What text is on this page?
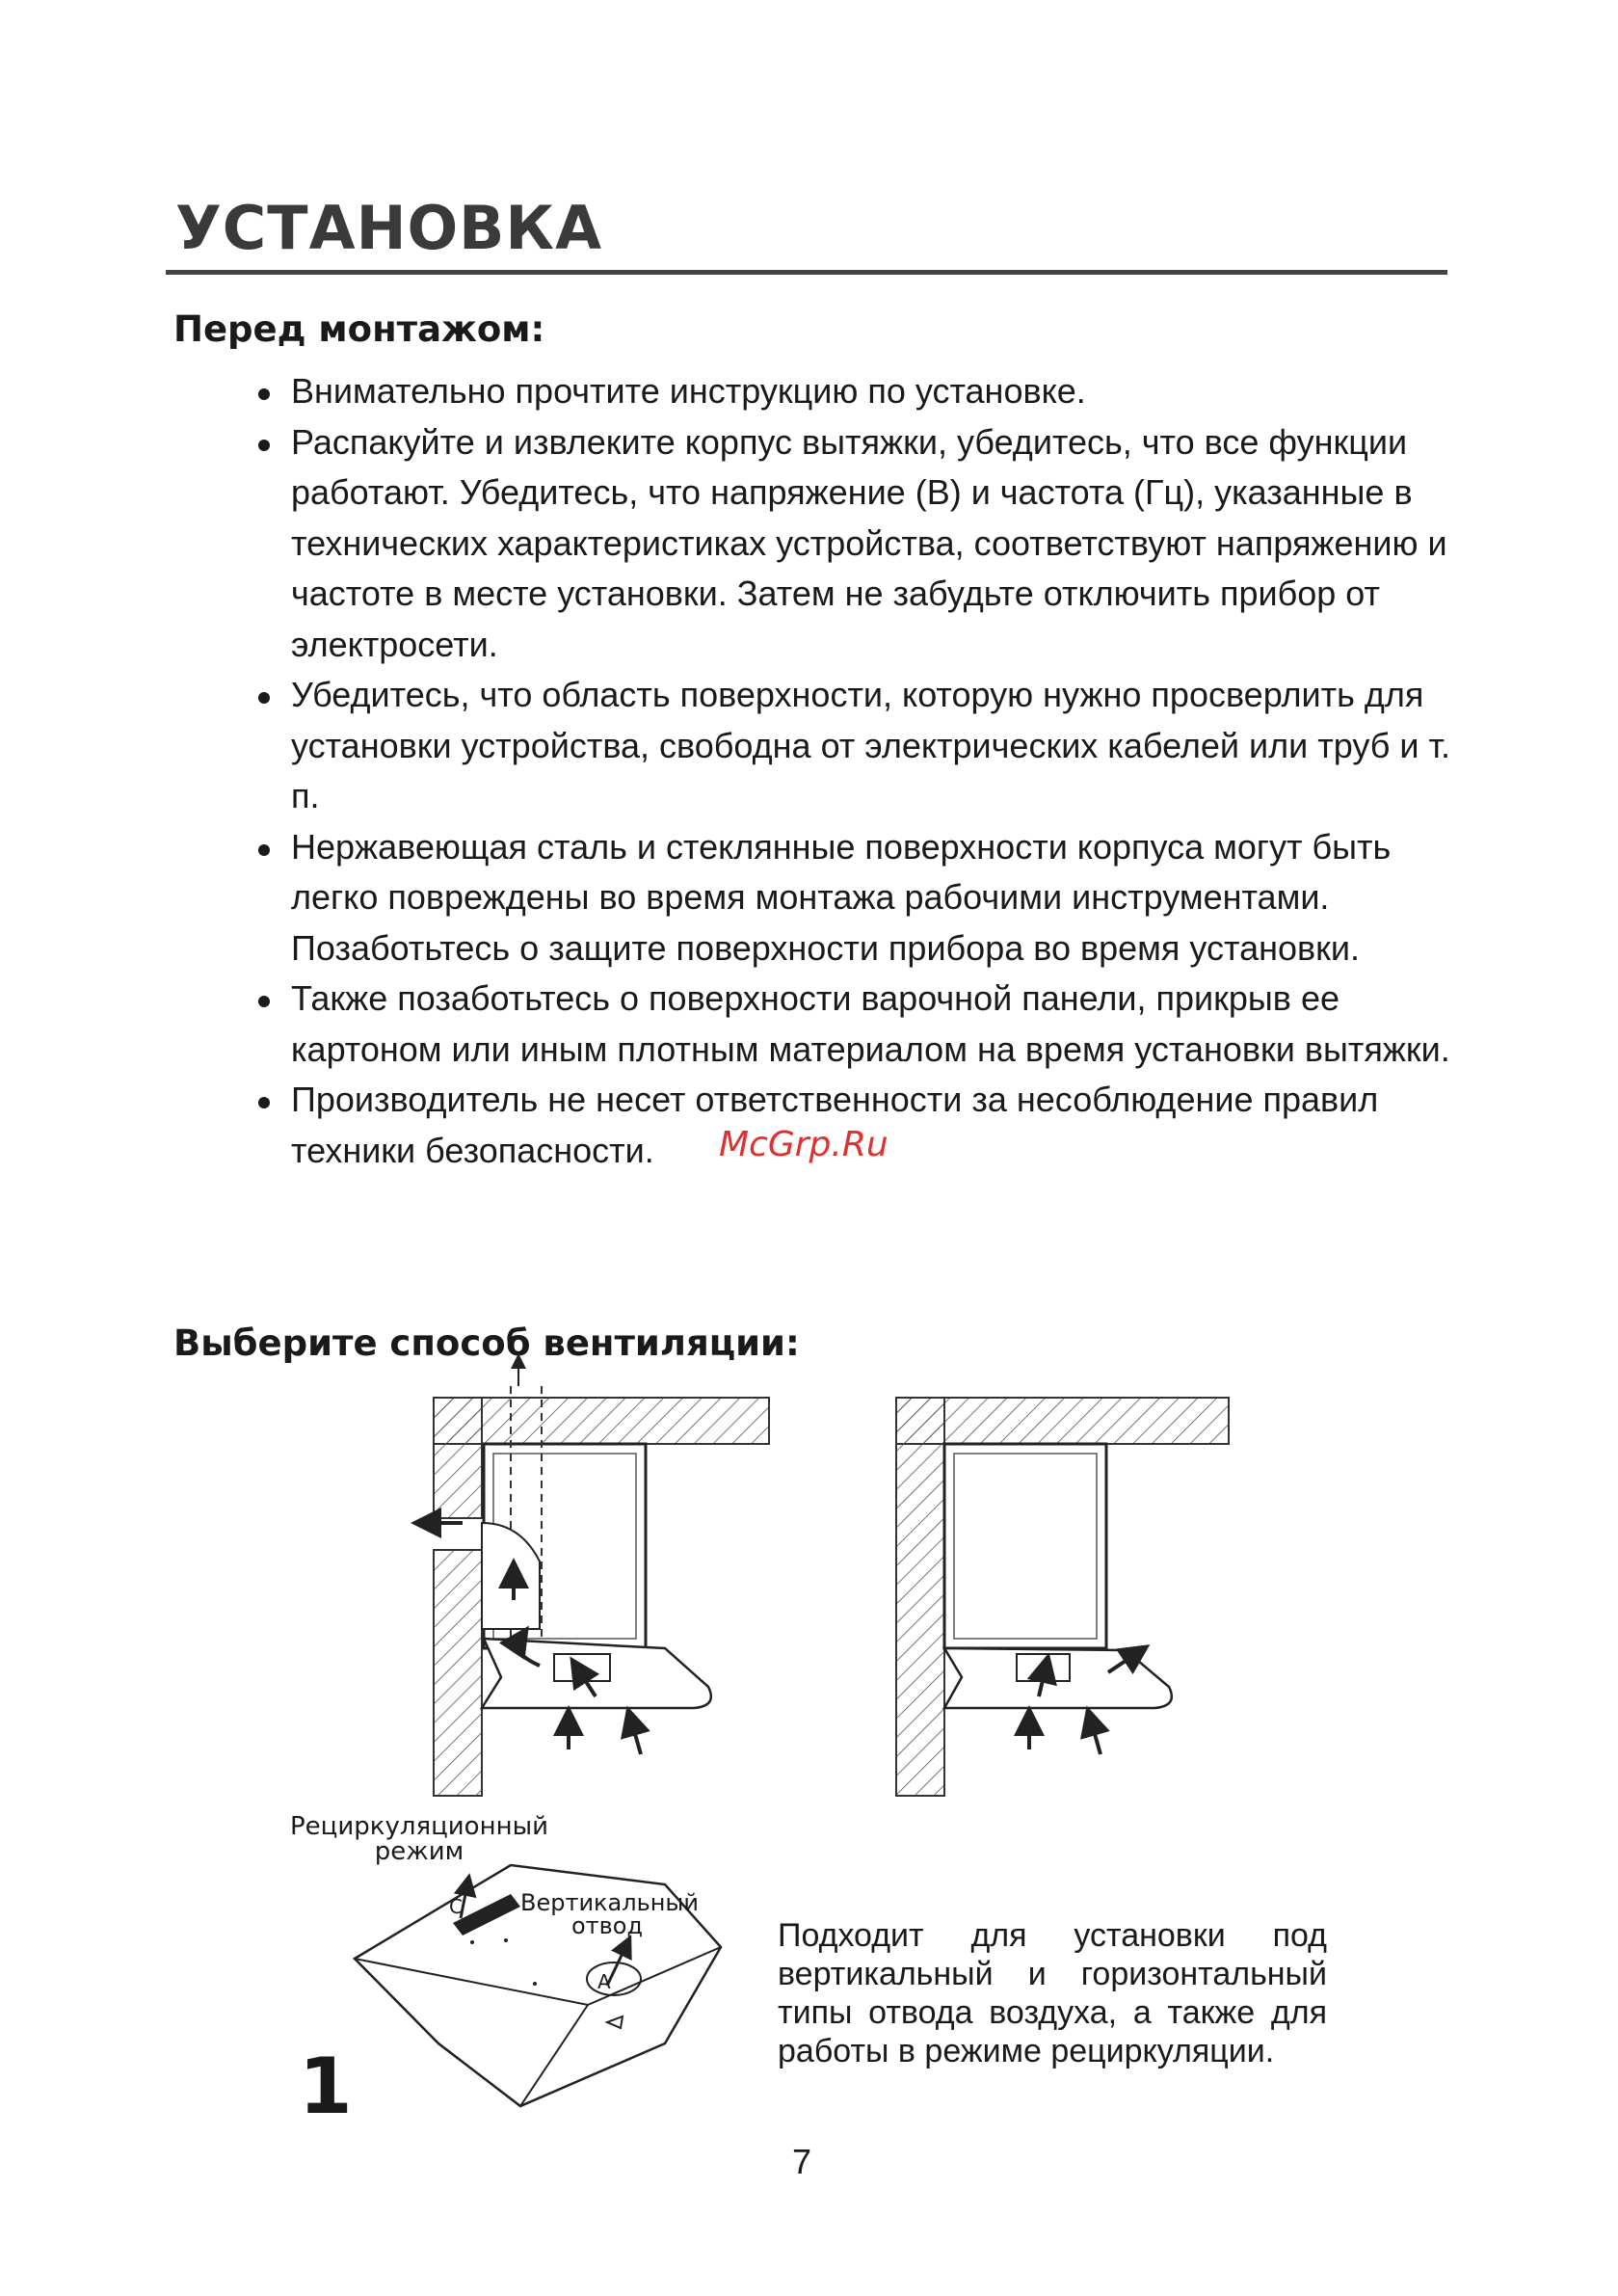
УСТАНОВКА
Перед монтажом:
Внимательно прочтите инструкцию по установке.
Распакуйте и извлеките корпус вытяжки, убедитесь, что все функции работают. Убедитесь, что напряжение (В) и частота (Гц), указанные в технических характеристиках устройства, соответствуют напряжению и частоте в месте установки. Затем не забудьте отключить прибор от электросети.
Убедитесь, что область поверхности, которую нужно просверлить для установки устройства, свободна от электрических кабелей или труб и т. п.
Нержавеющая сталь и стеклянные поверхности корпуса могут быть легко повреждены во время монтажа рабочими инструментами. Позаботьтесь о защите поверхности прибора во время установки.
Также позаботьтесь о поверхности варочной панели, прикрыв ее картоном или иным плотным материалом на время установки вытяжки.
Производитель не несет ответственности за несоблюдение правил техники безопасности.	McGrp.Ru
Выберите способ вентиляции:
Рециркуляционный режим
Вертикальный отвод
C
A
Подходит для установки под вертикальный и горизонтальный типы отвода воздуха, а также для работы в режиме рециркуляции.
1
7
